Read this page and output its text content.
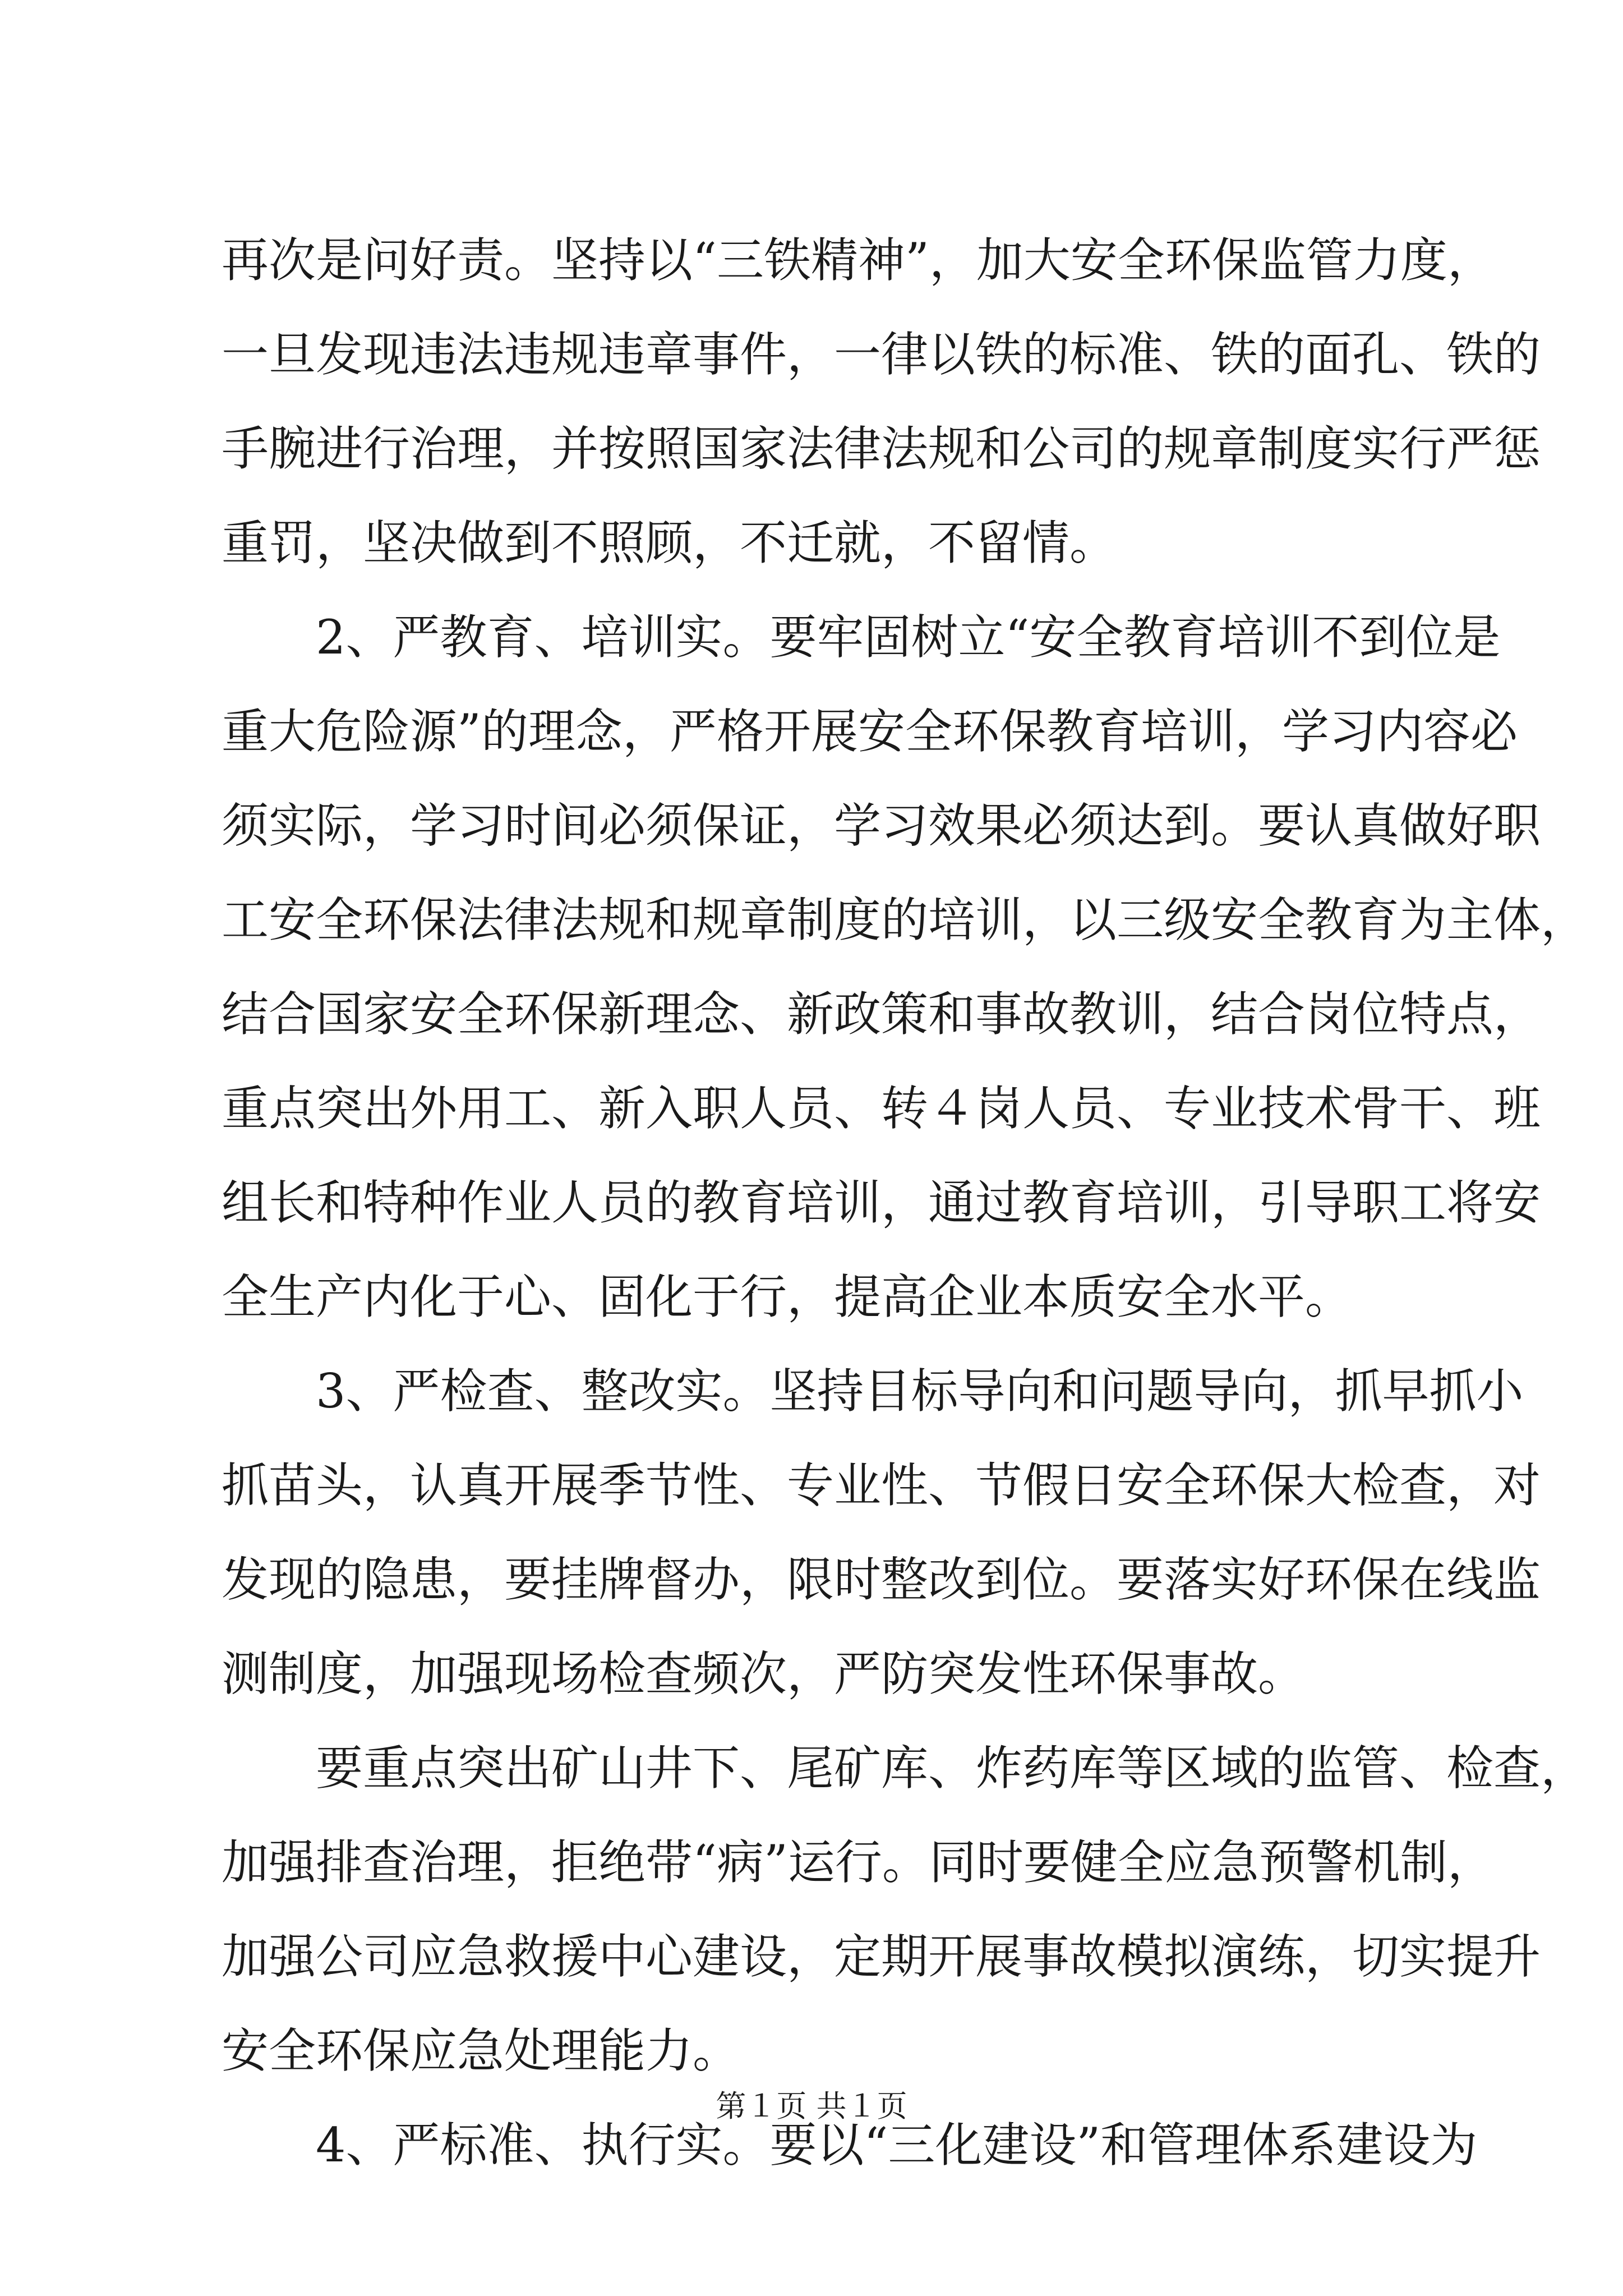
再次是问好责。坚持以“三铁精神”，加大安全环保监管力度，
一旦发现违法违规违章事件，一律以铁的标准、铁的面孔、铁的
手腕进行治理，并按照国家法律法规和公司的规章制度实行严惩
重罚，坚决做到不照顾，不迁就，不留情。
　　2、严教育、培训实。要牢固树立“安全教育培训不到位是
重大危险源”的理念，严格开展安全环保教育培训，学习内容必
须实际，学习时间必须保证，学习效果必须达到。要认真做好职
工安全环保法律法规和规章制度的培训，以三级安全教育为主体，
结合国家安全环保新理念、新政策和事故教训，结合岗位特点，
重点突出外用工、新入职人员、转４岗人员、专业技术骨干、班
组长和特种作业人员的教育培训，通过教育培训，引导职工将安
全生产内化于心、固化于行，提高企业本质安全水平。
　　3、严检查、整改实。坚持目标导向和问题导向，抓早抓小
抓苗头，认真开展季节性、专业性、节假日安全环保大检查，对
发现的隐患，要挂牌督办，限时整改到位。要落实好环保在线监
测制度，加强现场检查频次，严防突发性环保事故。
　　要重点突出矿山井下、尾矿库、炸药库等区域的监管、检查，
加强排查治理，拒绝带“病”运行。同时要健全应急预警机制，
加强公司应急救援中心建设，定期开展事故模拟演练，切实提升
安全环保应急处理能力。
　　4、严标准、执行实。要以“三化建设”和管理体系建设为
第１页 共１页
